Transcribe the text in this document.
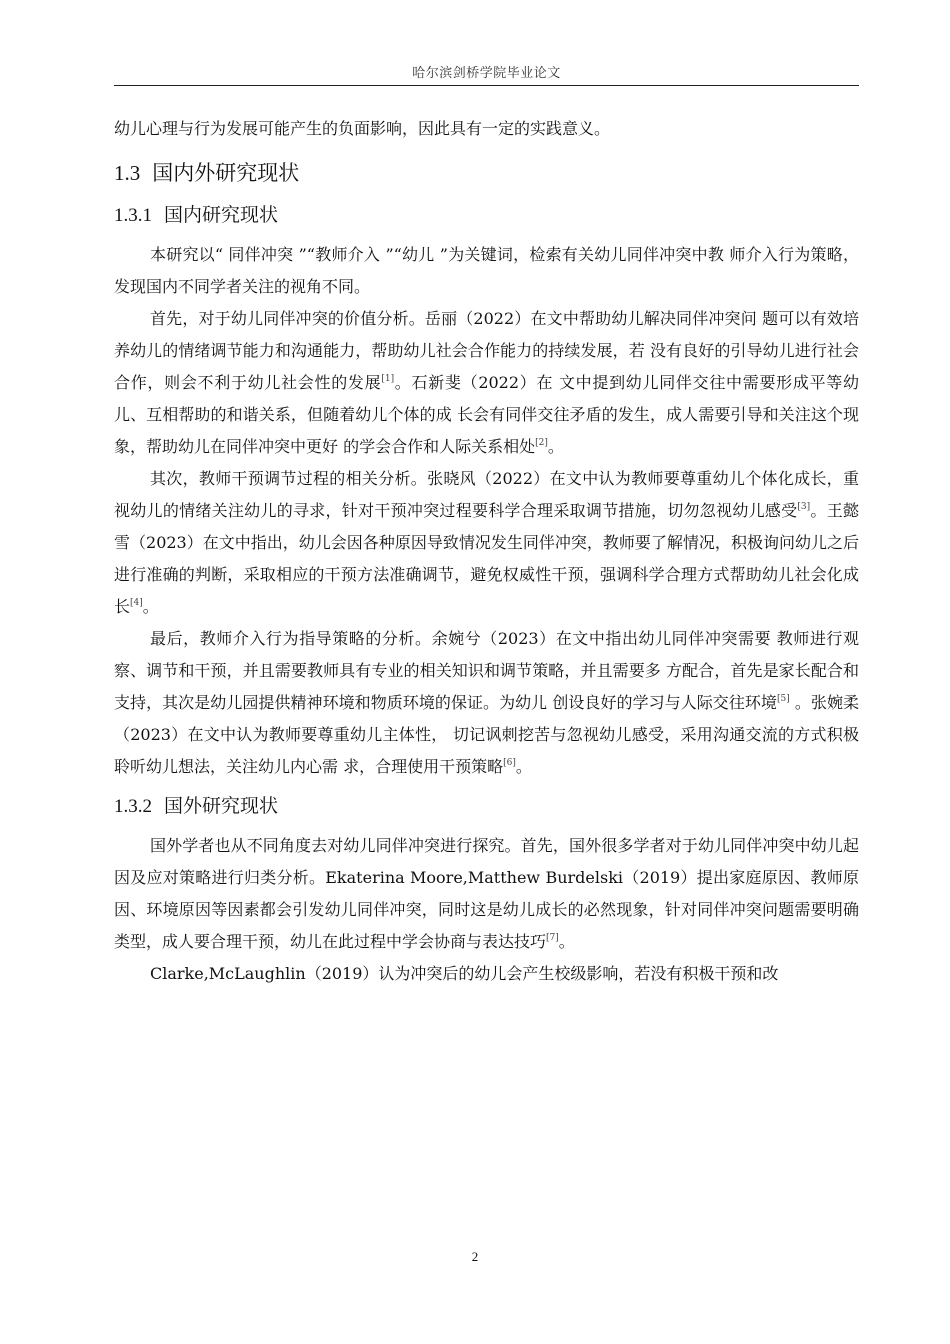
哈尔滨剑桥学院毕业论文

幼儿心理与行为发展可能产生的负面影响，因此具有一定的实践意义。

1.3 国内外研究现状
1.3.1 国内研究现状

本研究以“ 同伴冲突 ”“教师介入 ”“幼儿 ”为关键词，检索有关幼儿同伴冲突中教 师介入行为策略，发现国内不同学者关注的视角不同。

首先，对于幼儿同伴冲突的价值分析。岳丽（2022）在文中帮助幼儿解决同伴冲突问 题可以有效培养幼儿的情绪调节能力和沟通能力，帮助幼儿社会合作能力的持续发展，若 没有良好的引导幼儿进行社会合作，则会不利于幼儿社会性的发展[1]。石新斐（2022）在 文中提到幼儿同伴交往中需要形成平等幼儿、互相帮助的和谐关系，但随着幼儿个体的成 长会有同伴交往矛盾的发生，成人需要引导和关注这个现象，帮助幼儿在同伴冲突中更好 的学会合作和人际关系相处[2]。

其次，教师干预调节过程的相关分析。张晓风（2022）在文中认为教师要尊重幼儿个体化成长，重视幼儿的情绪关注幼儿的寻求，针对干预冲突过程要科学合理采取调节措施，切勿忽视幼儿感受[3]。王懿雪（2023）在文中指出，幼儿会因各种原因导致情况发生同伴冲突，教师要了解情况，积极询问幼儿之后进行准确的判断，采取相应的干预方法准确调节，避免权威性干预，强调科学合理方式帮助幼儿社会化成长[4]。

最后，教师介入行为指导策略的分析。余婉兮（2023）在文中指出幼儿同伴冲突需要 教师进行观察、调节和干预，并且需要教师具有专业的相关知识和调节策略，并且需要多 方配合，首先是家长配合和支持，其次是幼儿园提供精神环境和物质环境的保证。为幼儿 创设良好的学习与人际交往环境[5] 。张婉柔（2023）在文中认为教师要尊重幼儿主体性， 切记讽刺挖苦与忽视幼儿感受，采用沟通交流的方式积极聆听幼儿想法，关注幼儿内心需 求，合理使用干预策略[6]。

1.3.2 国外研究现状

国外学者也从不同角度去对幼儿同伴冲突进行探究。首先，国外很多学者对于幼儿同伴冲突中幼儿起因及应对策略进行归类分析。Ekaterina Moore,Matthew Burdelski（2019）提出家庭原因、教师原因、环境原因等因素都会引发幼儿同伴冲突，同时这是幼儿成长的必然现象，针对同伴冲突问题需要明确类型，成人要合理干预，幼儿在此过程中学会协商与表达技巧[7]。

Clarke,McLaughlin（2019）认为冲突后的幼儿会产生校级影响，若没有积极干预和改

2
